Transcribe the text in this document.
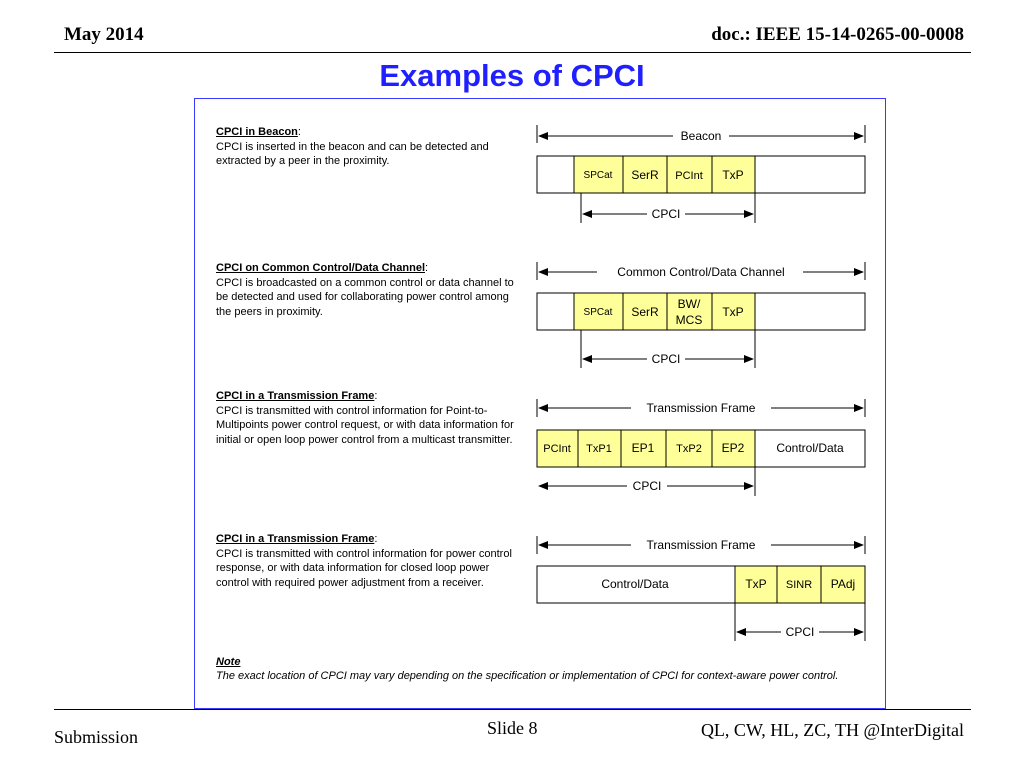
May 2014	doc.: IEEE 15-14-0265-00-0008
Examples of CPCI
CPCI in Beacon:
CPCI is inserted in the beacon and can be detected and extracted by a peer in the proximity.
CPCI on Common Control/Data Channel:
CPCI is broadcasted on a common control or data channel to be detected and used for collaborating power control among the peers in proximity.
CPCI in a Transmission Frame:
CPCI is transmitted with control information for Point-to-Multipoints power control request, or with data information for initial or open loop power control from a multicast transmitter.
CPCI in a Transmission Frame:
CPCI is transmitted with control information for power control response, or with data information for closed loop power control with required power adjustment from a receiver.
Beacon
SPCat SerR PCInt TxP
CPCI
Common Control/Data Channel
SPCat SerR
BW/
MCS
TxP
CPCI
Transmission Frame
PCInt TxP1 EP1 TxP2 EP2	Control/Data
CPCI
Transmission Frame
Control/Data	TxP SINR PAdj
CPCI
Note
The exact location of CPCI may vary depending on the specification or implementation of CPCI for context-aware power control.
Submission	Slide 8	QL, CW, HL, ZC, TH @InterDigital
